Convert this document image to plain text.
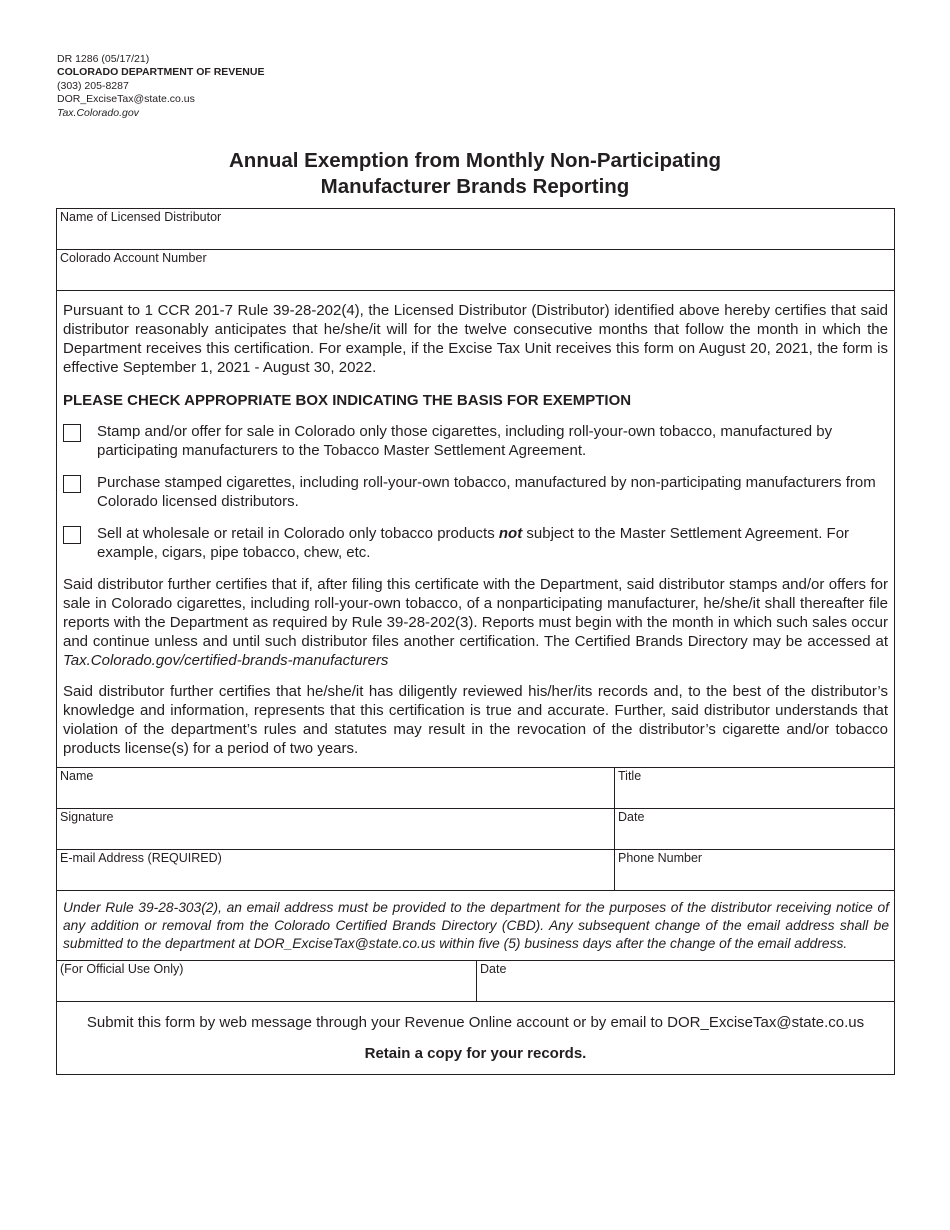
DR 1286 (05/17/21)
COLORADO DEPARTMENT OF REVENUE
(303) 205-8287
DOR_ExciseTax@state.co.us
Tax.Colorado.gov
Annual Exemption from Monthly Non-Participating
Manufacturer Brands Reporting
Name of Licensed Distributor
Colorado Account Number

Pursuant to 1 CCR 201-7 Rule 39-28-202(4), the Licensed Distributor (Distributor) identified above hereby certifies that said distributor reasonably anticipates that he/she/it will for the twelve consecutive months that follow the month in which the Department receives this certification. For example, if the Excise Tax Unit receives this form on August 20, 2021, the form is effective September 1, 2021 - August 30, 2022.

PLEASE CHECK APPROPRIATE BOX INDICATING THE BASIS FOR EXEMPTION

Stamp and/or offer for sale in Colorado only those cigarettes, including roll-your-own tobacco, manufactured by participating manufacturers to the Tobacco Master Settlement Agreement.
Purchase stamped cigarettes, including roll-your-own tobacco, manufactured by non-participating manufacturers from Colorado licensed distributors.
Sell at wholesale or retail in Colorado only tobacco products not subject to the Master Settlement Agreement. For example, cigars, pipe tobacco, chew, etc.

Said distributor further certifies that if, after filing this certificate with the Department, said distributor stamps and/or offers for sale in Colorado cigarettes, including roll-your-own tobacco, of a nonparticipating manufacturer, he/she/it shall thereafter file reports with the Department as required by Rule 39-28-202(3). Reports must begin with the month in which such sales occur and continue unless and until such distributor files another certification. The Certified Brands Directory may be accessed at Tax.Colorado.gov/certified-brands-manufacturers

Said distributor further certifies that he/she/it has diligently reviewed his/her/its records and, to the best of the distributor’s knowledge and information, represents that this certification is true and accurate. Further, said distributor understands that violation of the department’s rules and statutes may result in the revocation of the distributor’s cigarette and/or tobacco products license(s) for a period of two years.

Name	Title
Signature	Date
E-mail Address (REQUIRED)	Phone Number
Under Rule 39-28-303(2), an email address must be provided to the department for the purposes of the distributor receiving notice of any addition or removal from the Colorado Certified Brands Directory (CBD). Any subsequent change of the email address shall be submitted to the department at DOR_ExciseTax@state.co.us within five (5) business days after the change of the email address.
(For Official Use Only)	Date
Submit this form by web message through your Revenue Online account or by email to DOR_ExciseTax@state.co.us
Retain a copy for your records.
